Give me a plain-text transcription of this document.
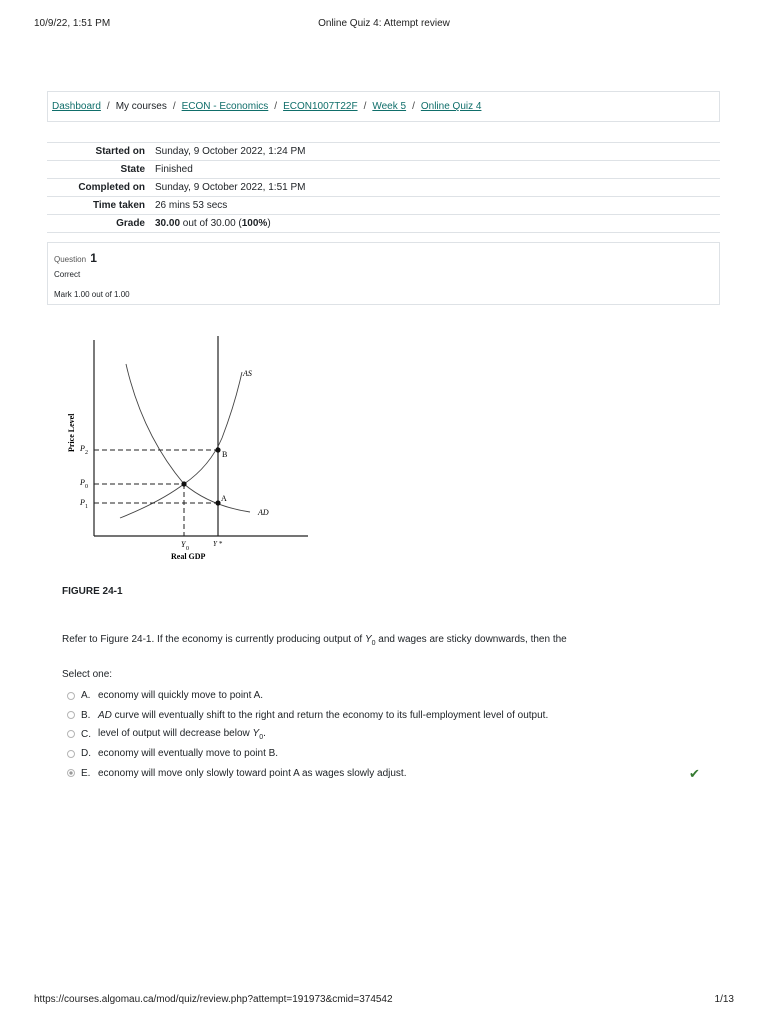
10/9/22, 1:51 PM	Online Quiz 4: Attempt review
Dashboard / My courses / ECON - Economics / ECON1007T22F / Week 5 / Online Quiz 4
Started on	Sunday, 9 October 2022, 1:24 PM
State	Finished
Completed on	Sunday, 9 October 2022, 1:51 PM
Time taken	26 mins 53 secs
Grade	30.00 out of 30.00 (100%)
Question 1
Correct
Mark 1.00 out of 1.00
AS
AD
B
A
Price Level P 2
P 0
P 1
Y 0
Y *
Real GDP
FIGURE 24-1
Refer to Figure 24-1. If the economy is currently producing output of $Y_0$ and wages are sticky downwards, then the
Select one:
A. economy will quickly move to point A.
B. AD curve will eventually shift to the right and return the economy to its full-employment level of output.
C. level of output will decrease below $Y_0$.
D. economy will eventually move to point B.
E. economy will move only slowly toward point A as wages slowly adjust.	✔
https://courses.algomau.ca/mod/quiz/review.php?attempt=191973&cmid=374542	1/13
